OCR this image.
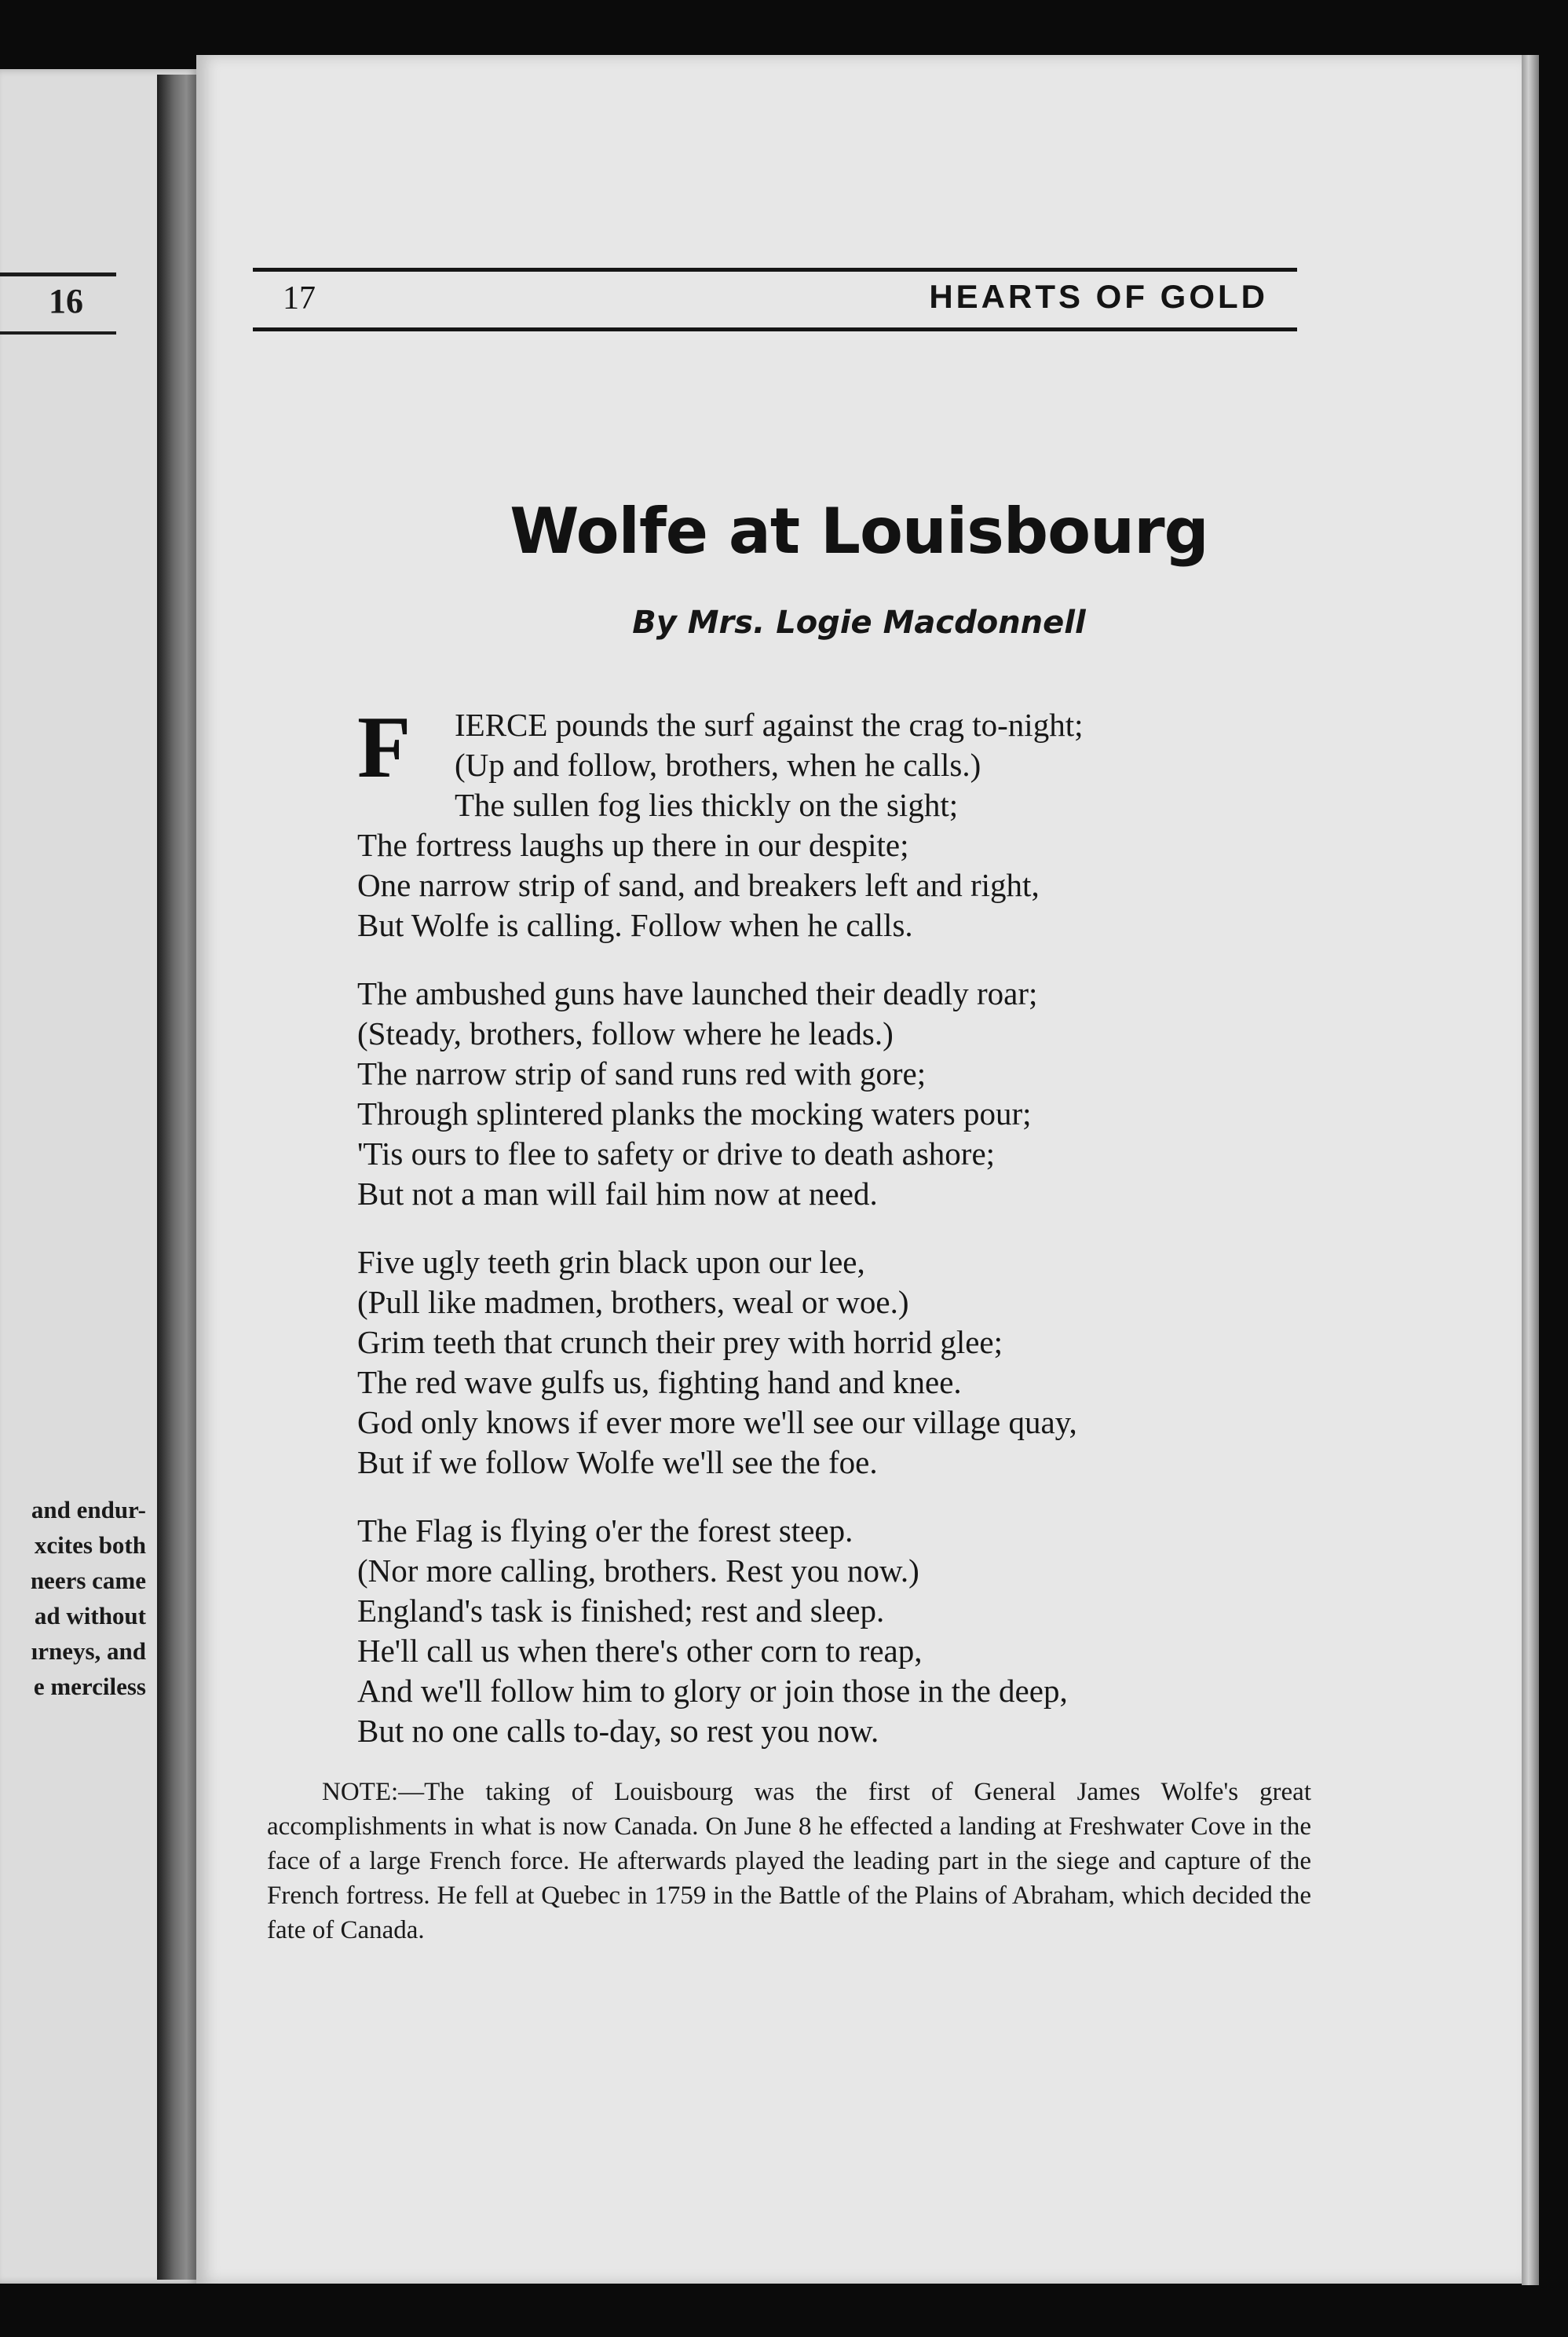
16
and endur-
xcites both
neers came
ad without
ırneys, and
e merciless
17	HEARTS OF GOLD
Wolfe at Louisbourg
By Mrs. Logie Macdonnell
F	IERCE pounds the surf against the crag to-night;
(Up and follow, brothers, when he calls.)
The sullen fog lies thickly on the sight;
The fortress laughs up there in our despite;
One narrow strip of sand, and breakers left and right,
But Wolfe is calling. Follow when he calls.
The ambushed guns have launched their deadly roar;
(Steady, brothers, follow where he leads.)
The narrow strip of sand runs red with gore;
Through splintered planks the mocking waters pour;
'Tis ours to flee to safety or drive to death ashore;
But not a man will fail him now at need.
Five ugly teeth grin black upon our lee,
(Pull like madmen, brothers, weal or woe.)
Grim teeth that crunch their prey with horrid glee;
The red wave gulfs us, fighting hand and knee.
God only knows if ever more we'll see our village quay,
But if we follow Wolfe we'll see the foe.
The Flag is flying o'er the forest steep.
(Nor more calling, brothers. Rest you now.)
England's task is finished; rest and sleep.
He'll call us when there's other corn to reap,
And we'll follow him to glory or join those in the deep,
But no one calls to-day, so rest you now.
NOTE:—The taking of Louisbourg was the first of General James Wolfe's great accomplishments in what is now Canada. On June 8 he effected a landing at Freshwater Cove in the face of a large French force. He afterwards played the leading part in the siege and capture of the French fortress. He fell at Quebec in 1759 in the Battle of the Plains of Abraham, which decided the fate of Canada.
